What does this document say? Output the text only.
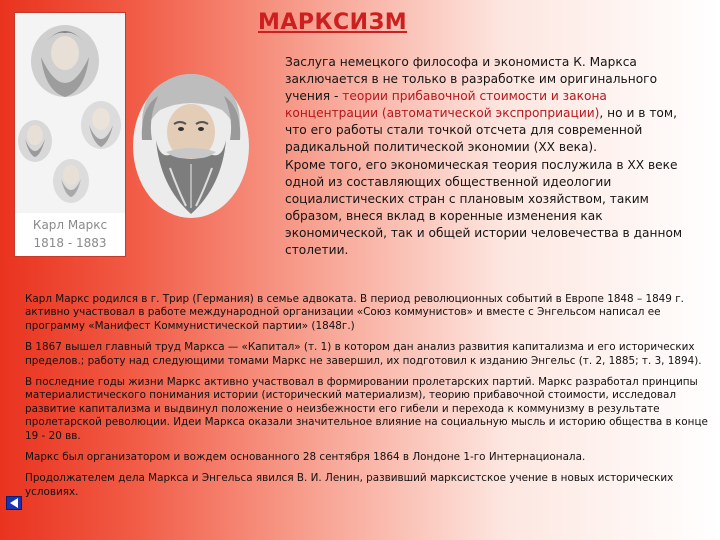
МАРКСИЗМ
Карл Маркс
1818 - 1883
Заслуга немецкого философа и экономиста К. Маркса заключается в не только в разработке им оригинального учения - теории прибавочной стоимости и закона концентрации (автоматической экспроприации), но и в том, что его работы стали точкой отсчета для современной радикальной политической экономии (XX века).
Кроме того, его экономическая теория послужила в XX веке одной из составляющих общественной идеологии социалистических стран с плановым хозяйством, таким образом, внеся вклад в коренные изменения как экономической, так и общей истории человечества в данном столетии.

Карл Маркс родился в г. Трир (Германия) в семье адвоката. В период революционных событий в Европе 1848 – 1849 г. активно участвовал в работе международной организации «Союз коммунистов» и вместе с Энгельсом написал ее программу «Манифест Коммунистической партии» (1848г.)

В 1867 вышел главный труд Маркса — «Капитал» (т. 1) в котором дан анализ развития капитализма и его исторических пределов.; работу над следующими томами Маркс не завершил, их подготовил к изданию Энгельс (т. 2, 1885; т. 3, 1894).

В последние годы жизни Маркс активно участвовал в формировании пролетарских партий. Маркс разработал принципы материалистического понимания истории (исторический материализм), теорию прибавочной стоимости, исследовал развитие капитализма и выдвинул положение о неизбежности его гибели и перехода к коммунизму в результате пролетарской революции. Идеи Маркса оказали значительное влияние на социальную мысль и историю общества в конце 19 - 20 вв.

Маркс был организатором и вождем основанного 28 сентября 1864 в Лондоне 1-го Интернационала.

Продолжателем дела Маркса и Энгельса явился В. И. Ленин, развивший марксистское учение в новых исторических условиях.
